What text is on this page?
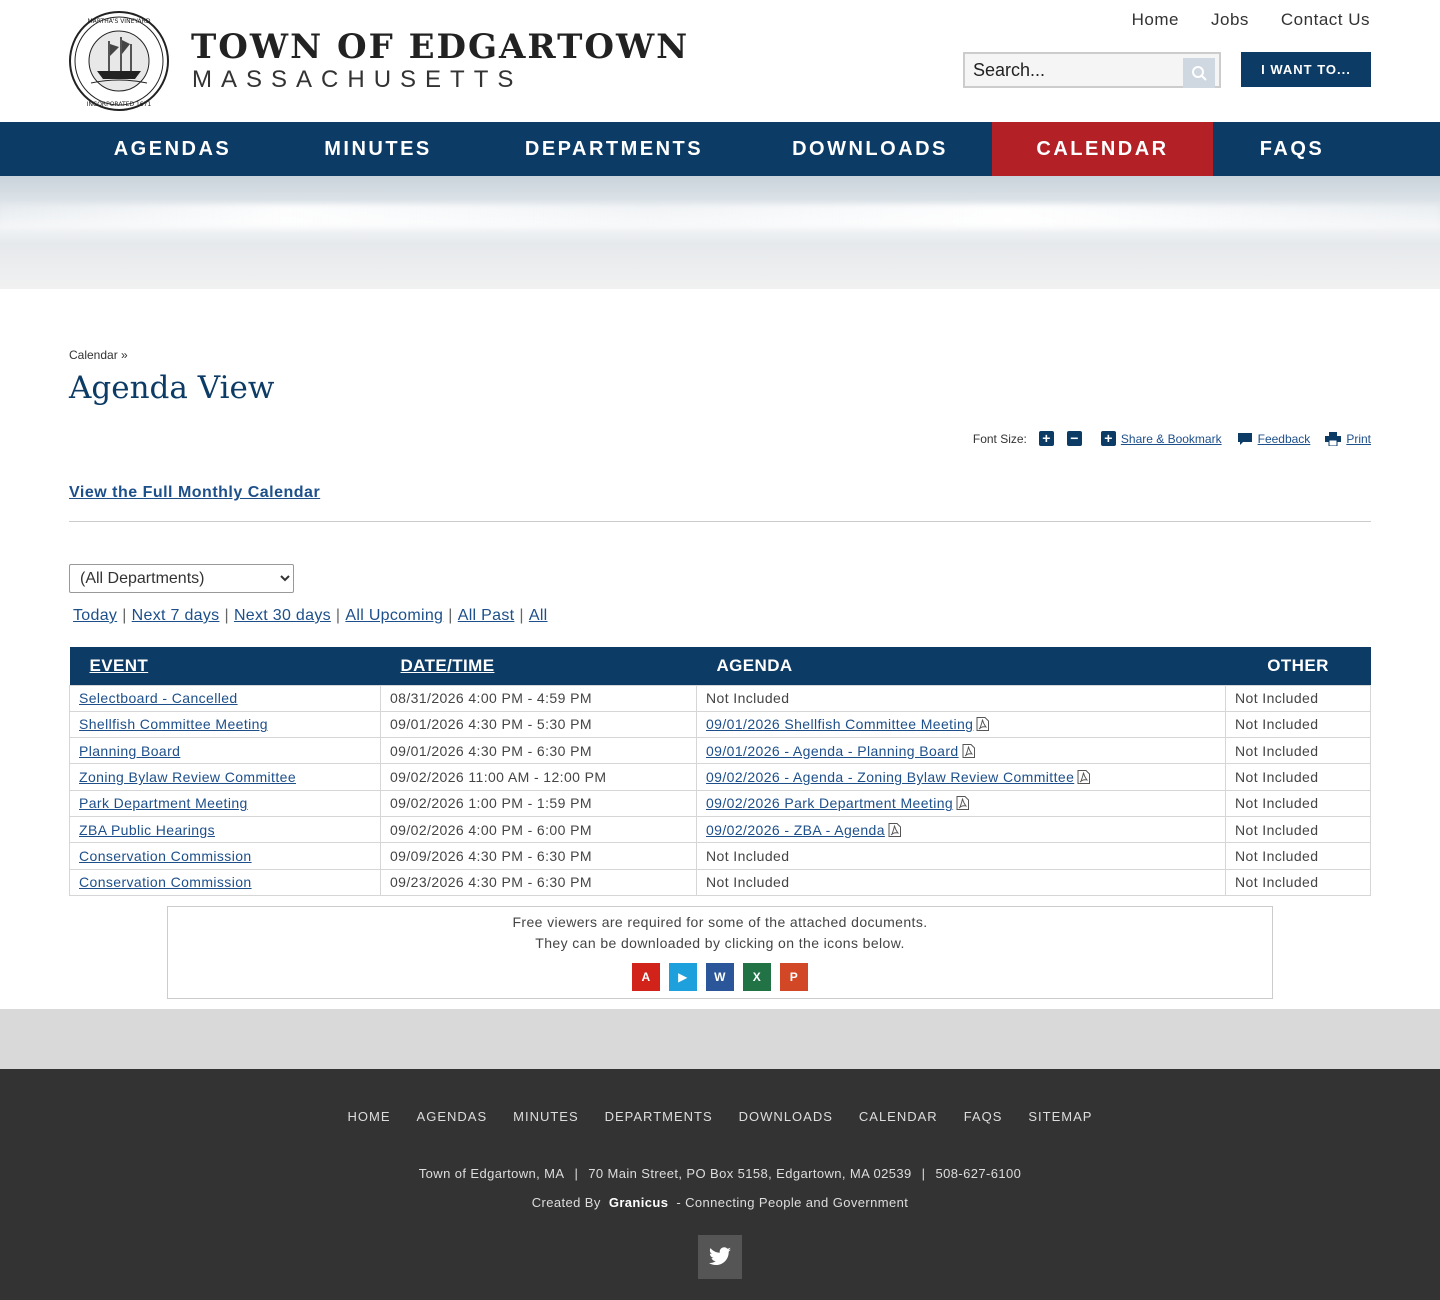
MARTHA'S VINEYARD
INCORPORATED 1671
TOWN OF EDGARTOWN
MASSACHUSETTS
Home Jobs Contact Us
Search...
I WANT TO...
AGENDAS	MINUTES	DEPARTMENTS	DOWNLOADS	CALENDAR	FAQS
Calendar »
Agenda View
Font Size: + − + Share & Bookmark	Feedback	Print
View the Full Monthly Calendar
(All Departments)
Today | Next 7 days | Next 30 days | All Upcoming | All Past | All
EVENT	DATE/TIME	AGENDA	OTHER
Selectboard - Cancelled	08/31/2026 4:00 PM - 4:59 PM	Not Included	Not Included
Shellfish Committee Meeting	09/01/2026 4:30 PM - 5:30 PM	09/01/2026 Shellfish Committee Meeting	Not Included
Planning Board	09/01/2026 4:30 PM - 6:30 PM	09/01/2026 - Agenda - Planning Board	Not Included
Zoning Bylaw Review Committee	09/02/2026 11:00 AM - 12:00 PM	09/02/2026 - Agenda - Zoning Bylaw Review Committee	Not Included
Park Department Meeting	09/02/2026 1:00 PM - 1:59 PM	09/02/2026 Park Department Meeting	Not Included
ZBA Public Hearings	09/02/2026 4:00 PM - 6:00 PM	09/02/2026 - ZBA - Agenda	Not Included
Conservation Commission	09/09/2026 4:30 PM - 6:30 PM	Not Included	Not Included
Conservation Commission	09/23/2026 4:30 PM - 6:30 PM	Not Included	Not Included

Free viewers are required for some of the attached documents.

They can be downloaded by clicking on the icons below.

A	▶	W	X	P
HOME AGENDAS MINUTES DEPARTMENTS DOWNLOADS CALENDAR FAQS SITEMAP
Town of Edgartown, MA | 70 Main Street, PO Box 5158, Edgartown, MA 02539 | 508-627-6100
Created By Granicus - Connecting People and Government
